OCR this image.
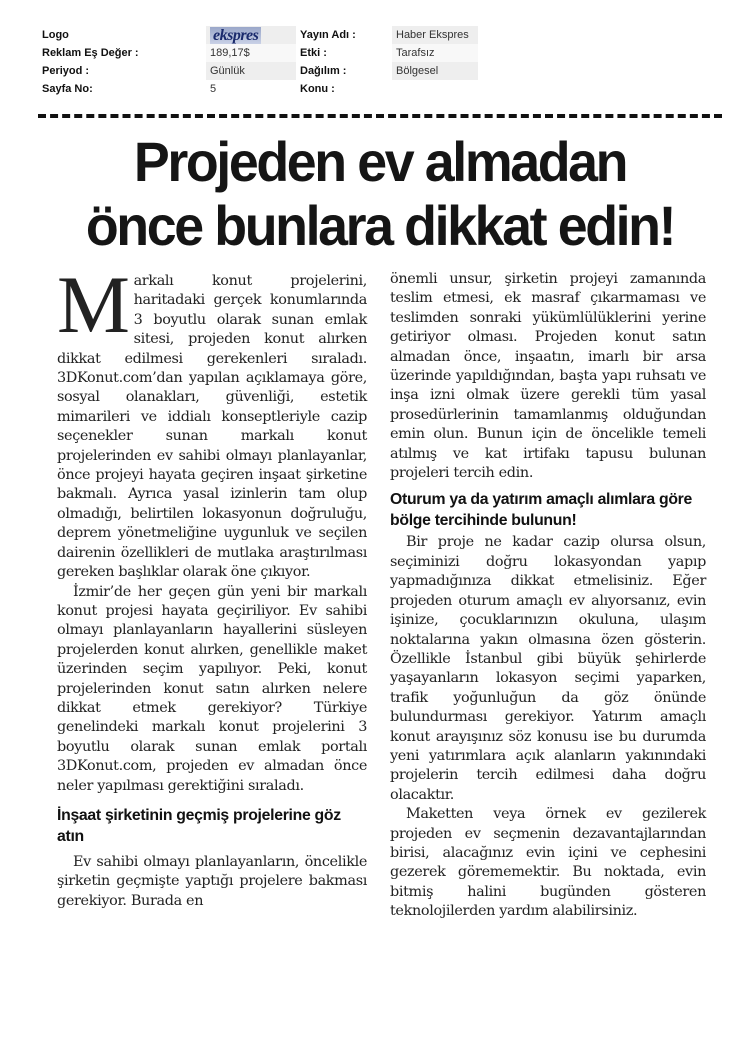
Logo	ekspres	Yayın Adı :	Haber Ekspres
Reklam Eş Değer :	189,17$	Etki :	Tarafsız
Periyod :	Günlük	Dağılım :	Bölgesel
Sayfa No:	5	Konu :	
Projeden ev almadan
önce bunlara dikkat edin!

Markalı konut projelerini, haritadaki gerçek konumlarında 3 boyutlu olarak sunan emlak sitesi, projeden konut alırken dikkat edilmesi gerekenleri sıraladı. 3DKonut.com’dan yapılan açıklamaya göre, sosyal olanakları, güvenliği, estetik mimarileri ve iddialı konseptleriyle cazip seçenekler sunan markalı konut projelerinden ev sahibi olmayı planlayanlar, önce projeyi hayata geçiren inşaat şirketine bakmalı. Ayrıca yasal izinlerin tam olup olmadığı, belirtilen lokasyonun doğruluğu, deprem yönetmeliğine uygunluk ve seçilen dairenin özellikleri de mutlaka araştırılması gereken başlıklar olarak öne çıkıyor.

İzmir’de her geçen gün yeni bir markalı konut projesi hayata geçiriliyor. Ev sahibi olmayı planlayanların hayallerini süsleyen projelerden konut alırken, genellikle maket üzerinden seçim yapılıyor. Peki, konut projelerinden konut satın alırken nelere dikkat etmek gerekiyor? Türkiye genelindeki markalı konut projelerini 3 boyutlu olarak sunan emlak portalı 3DKonut.com, projeden ev almadan önce neler yapılması gerektiğini sıraladı.

İnşaat şirketinin geçmiş projelerine göz atın

Ev sahibi olmayı planlayanların, öncelikle şirketin geçmişte yaptığı projelere bakması gerekiyor. Burada en

önemli unsur, şirketin projeyi zamanında teslim etmesi, ek masraf çıkarmaması ve teslimden sonraki yükümlülüklerini yerine getiriyor olması. Projeden konut satın almadan önce, inşaatın, imarlı bir arsa üzerinde yapıldığından, başta yapı ruhsatı ve inşa izni olmak üzere gerekli tüm yasal prosedürlerinin tamamlanmış olduğundan emin olun. Bunun için de öncelikle temeli atılmış ve kat irtifakı tapusu bulunan projeleri tercih edin.

Oturum ya da yatırım amaçlı alımlara göre bölge tercihinde bulunun!

Bir proje ne kadar cazip olursa olsun, seçiminizi doğru lokasyondan yapıp yapmadığınıza dikkat etmelisiniz. Eğer projeden oturum amaçlı ev alıyorsanız, evin işinize, çocuklarınızın okuluna, ulaşım noktalarına yakın olmasına özen gösterin. Özellikle İstanbul gibi büyük şehirlerde yaşayanların lokasyon seçimi yaparken, trafik yoğunluğun da göz önünde bulundurması gerekiyor. Yatırım amaçlı konut arayışınız söz konusu ise bu durumda yeni yatırımlara açık alanların yakınındaki projelerin tercih edilmesi daha doğru olacaktır.

Maketten veya örnek ev gezilerek projeden ev seçmenin dezavantajlarından birisi, alacağınız evin içini ve cephesini gezerek görememektir. Bu noktada, evin bitmiş halini bugünden gösteren teknolojilerden yardım alabilirsiniz.
